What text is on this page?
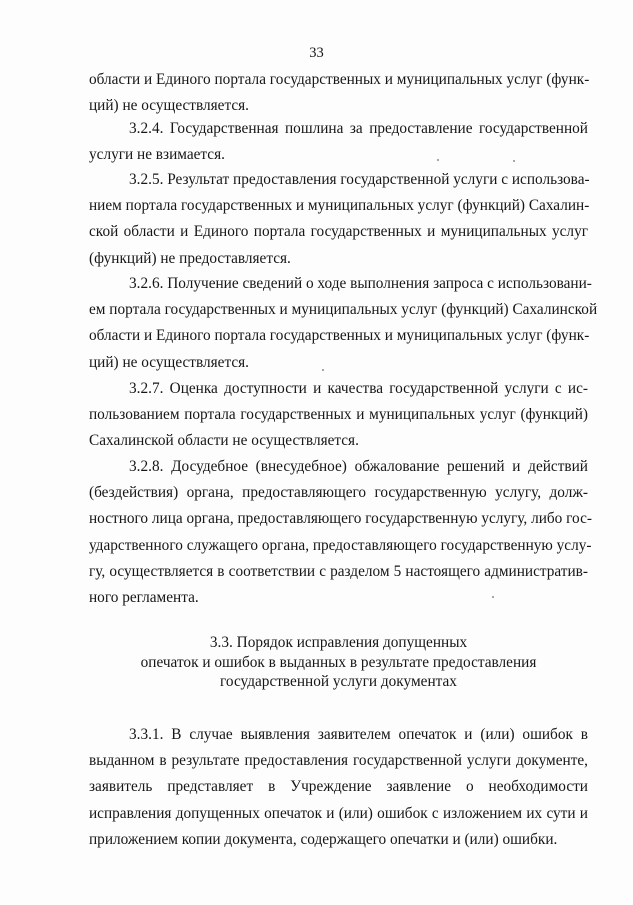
33
области и Единого портала государственных и муниципальных услуг (функ-
ций) не осуществляется.
3.2.4. Государственная пошлина за предоставление государственной
услуги не взимается.
3.2.5. Результат предоставления государственной услуги с использова-
нием портала государственных и муниципальных услуг (функций) Сахалин-
ской области и Единого портала государственных и муниципальных услуг
(функций) не предоставляется.
3.2.6. Получение сведений о ходе выполнения запроса с использовани-
ем портала государственных и муниципальных услуг (функций) Сахалинской
области и Единого портала государственных и муниципальных услуг (функ-
ций) не осуществляется.
3.2.7. Оценка доступности и качества государственной услуги с ис-
пользованием портала государственных и муниципальных услуг (функций)
Сахалинской области не осуществляется.
3.2.8. Досудебное (внесудебное) обжалование решений и действий
(бездействия) органа, предоставляющего государственную услугу, долж-
ностного лица органа, предоставляющего государственную услугу, либо гос-
ударственного служащего органа, предоставляющего государственную услу-
гу, осуществляется в соответствии с разделом 5 настоящего административ-
ного регламента.
3.3. Порядок исправления допущенных
опечаток и ошибок в выданных в результате предоставления
государственной услуги документах
3.3.1. В случае выявления заявителем опечаток и (или) ошибок в
выданном в результате предоставления государственной услуги документе,
заявитель представляет в Учреждение заявление о необходимости
исправления допущенных опечаток и (или) ошибок с изложением их сути и
приложением копии документа, содержащего опечатки и (или) ошибки.
